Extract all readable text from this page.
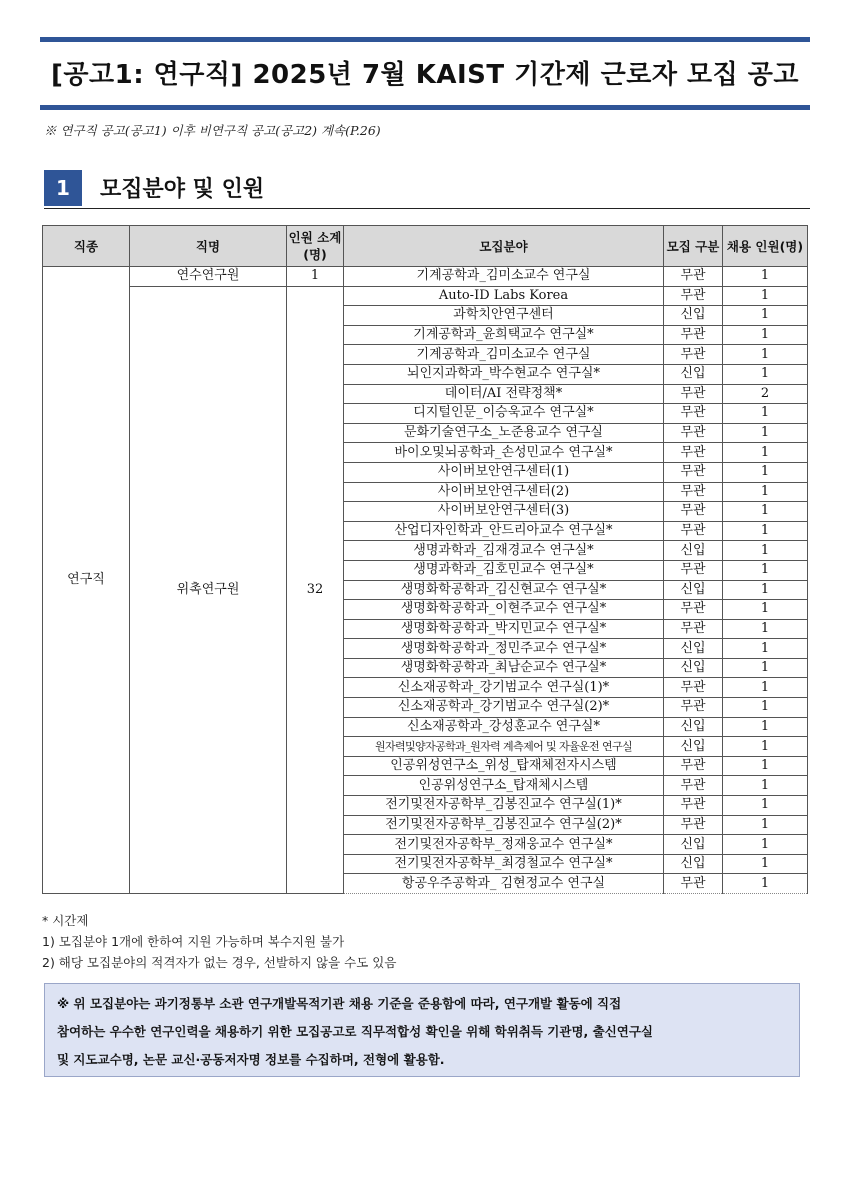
[공고1: 연구직] 2025년 7월 KAIST 기간제 근로자 모집 공고
※ 연구직 공고(공고1) 이후 비연구직 공고(공고2) 계속(P.26)
1	모집분야 및 인원
직종	직명	인원 소계(명)	모집분야	모집 구분	채용 인원(명)
연구직	연수연구원	1	기계공학과_김미소교수 연구실	무관	1
	위촉연구원	32	Auto-ID Labs Korea	무관	1
			과학치안연구센터	신입	1
			기계공학과_윤희택교수 연구실*	무관	1
			기계공학과_김미소교수 연구실	무관	1
			뇌인지과학과_박수현교수 연구실*	신입	1
			데이터/AI 전략정책*	무관	2
			디지털인문_이승욱교수 연구실*	무관	1
			문화기술연구소_노준용교수 연구실	무관	1
			바이오및뇌공학과_손성민교수 연구실*	무관	1
			사이버보안연구센터(1)	무관	1
			사이버보안연구센터(2)	무관	1
			사이버보안연구센터(3)	무관	1
			산업디자인학과_안드리아교수 연구실*	무관	1
			생명과학과_김재경교수 연구실*	신입	1
			생명과학과_김호민교수 연구실*	무관	1
			생명화학공학과_김신현교수 연구실*	신입	1
			생명화학공학과_이현주교수 연구실*	무관	1
			생명화학공학과_박지민교수 연구실*	무관	1
			생명화학공학과_정민주교수 연구실*	신입	1
			생명화학공학과_최남순교수 연구실*	신입	1
			신소재공학과_강기범교수 연구실(1)*	무관	1
			신소재공학과_강기범교수 연구실(2)*	무관	1
			신소재공학과_강성훈교수 연구실*	신입	1
			원자력및양자공학과_원자력 계측제어 및 자율운전 연구실	신입	1
			인공위성연구소_위성_탑재체전자시스템	무관	1
			인공위성연구소_탑재체시스템	무관	1
			전기및전자공학부_김봉진교수 연구실(1)*	무관	1
			전기및전자공학부_김봉진교수 연구실(2)*	무관	1
			전기및전자공학부_정재웅교수 연구실*	신입	1
			전기및전자공학부_최경철교수 연구실*	신입	1
			항공우주공학과_ 김현정교수 연구실	무관	1
* 시간제
1) 모집분야 1개에 한하여 지원 가능하며 복수지원 불가
2) 해당 모집분야의 적격자가 없는 경우, 선발하지 않을 수도 있음
※ 위 모집분야는 과기정통부 소관 연구개발목적기관 채용 기준을 준용함에 따라, 연구개발 활동에 직접
참여하는 우수한 연구인력을 채용하기 위한 모집공고로 직무적합성 확인을 위해 학위취득 기관명, 출신연구실
및 지도교수명, 논문 교신·공동저자명 정보를 수집하며, 전형에 활용함.
